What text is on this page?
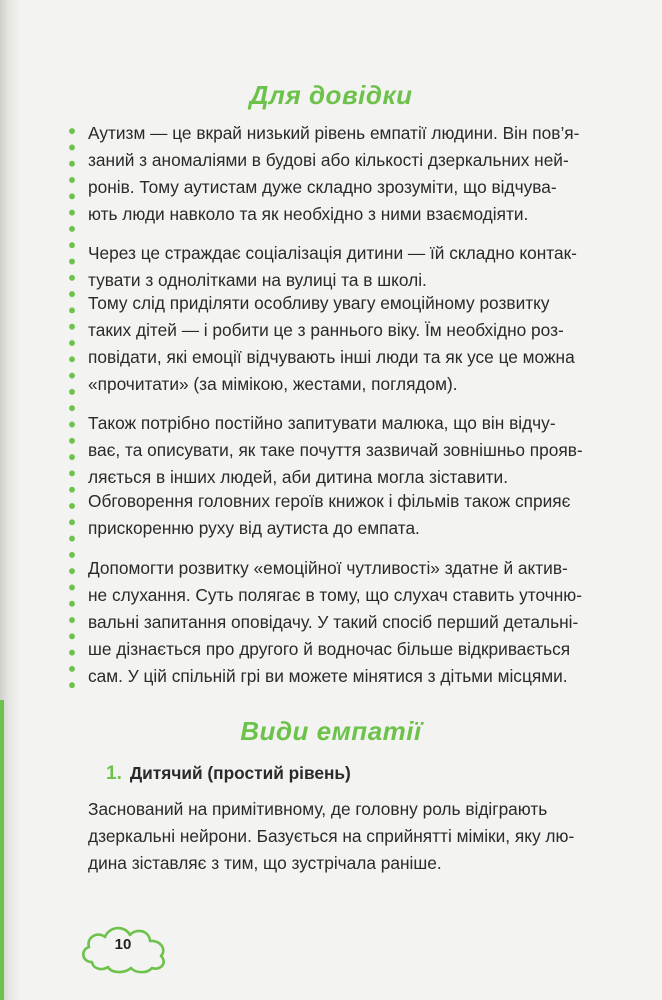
Для довідки

Аутизм — це вкрай низький рівень емпатії людини. Він пов’я-
заний з аномаліями в будові або кількості дзеркальних ней-
ронів. Тому аутистам дуже складно зрозуміти, що відчува-
ють люди навколо та як необхідно з ними взаємодіяти.

Через це страждає соціалізація дитини — їй складно контак-
тувати з однолітками на вулиці та в школі.

Тому слід приділяти особливу увагу емоційному розвитку
таких дітей — і робити це з раннього віку. Їм необхідно роз-
повідати, які емоції відчувають інші люди та як усе це можна
«прочитати» (за мімікою, жестами, поглядом).

Також потрібно постійно запитувати малюка, що він відчу-
ває, та описувати, як таке почуття зазвичай зовнішньо прояв-
ляється в інших людей, аби дитина могла зіставити.

Обговорення головних героїв книжок і фільмів також сприяє
прискоренню руху від аутиста до емпата.

Допомогти розвитку «емоційної чутливості» здатне й актив-
не слухання. Суть полягає в тому, що слухач ставить уточню-
вальні запитання оповідачу. У такий спосіб перший детальні-
ше дізнається про другого й водночас більше відкривається
сам. У цій спільній грі ви можете мінятися з дітьми місцями.

Види емпатії
1. Дитячий (простий рівень)

Заснований на примітивному, де головну роль відіграють
дзеркальні нейрони. Базується на сприйнятті міміки, яку лю-
дина зіставляє з тим, що зустрічала раніше.

10
